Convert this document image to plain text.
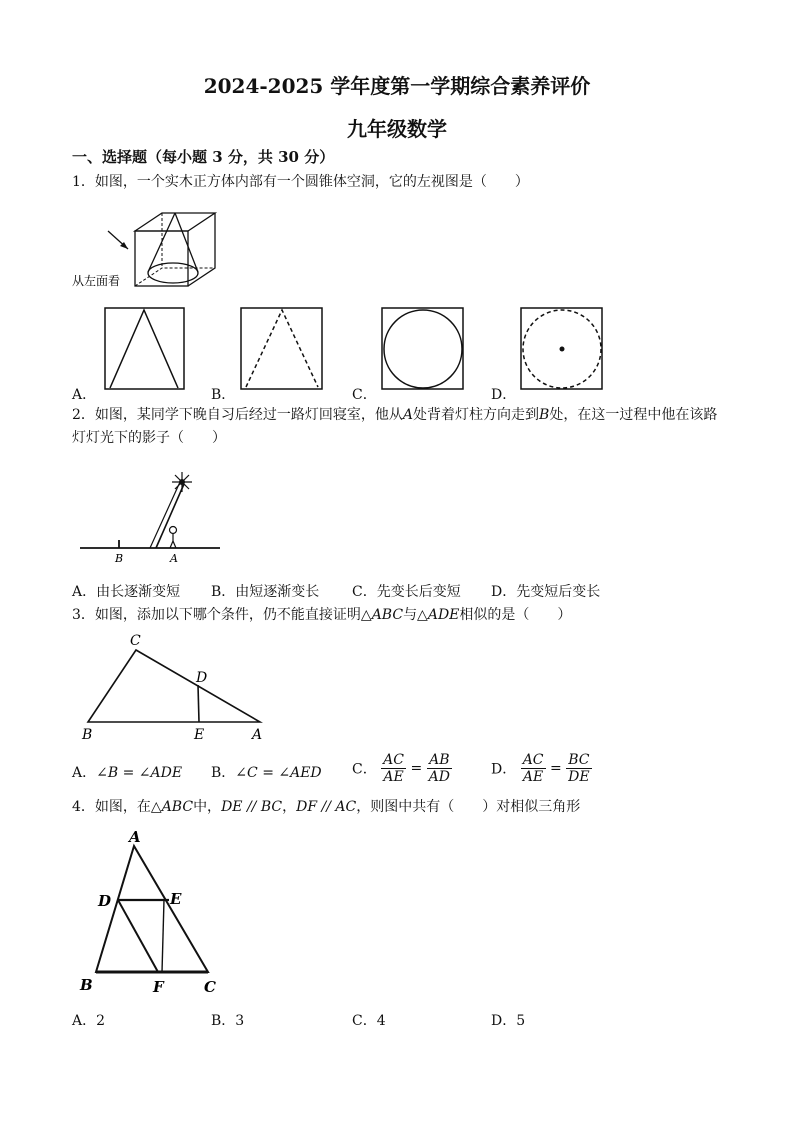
2024-2025 学年度第一学期综合素养评价
九年级数学
一、选择题（每小题 3 分，共 30 分）
1．如图，一个实木正方体内部有一个圆锥体空洞，它的左视图是（　　）
从左面看
A．	B．	C．	D．
2．如图，某同学下晚自习后经过一路灯回寝室，他从A处背着灯柱方向走到B处，在这一过程中他在该路
灯灯光下的影子（　　）
B	A
A．由长逐渐变短 B．由短逐渐变长 C．先变长后变短 D．先变短后变长
3．如图，添加以下哪个条件，仍不能直接证明△ABC与△ADE相似的是（　　）
C
D
B	E	A
A．∠B = ∠ADE B．∠C = ∠AED C． $\frac{AC}{AE} = \frac{AB}{AD}$	D． $\frac{AC}{AE} = \frac{BC}{DE}$
4．如图，在△ABC中，DE // BC，DF // AC，则图中共有（　　）对相似三角形
A
D	E
B	F	C
A．2	B．3	C．4	D．5
